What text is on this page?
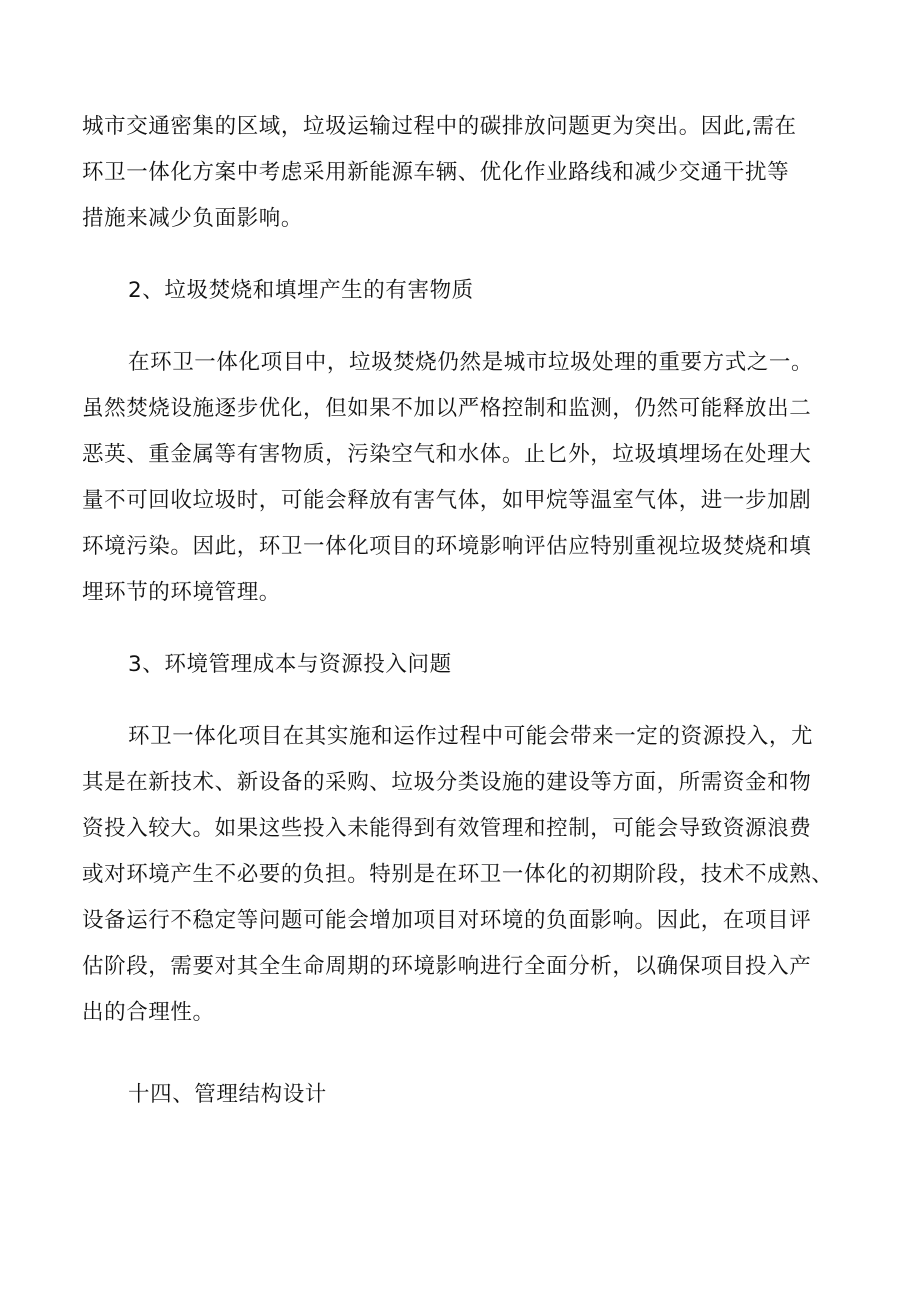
城市交通密集的区域，垃圾运输过程中的碳排放问题更为突出。因此,需在
环卫一体化方案中考虑采用新能源车辆、优化作业路线和减少交通干扰等
措施来减少负面影响。

2、垃圾焚烧和填埋产生的有害物质

在环卫一体化项目中，垃圾焚烧仍然是城市垃圾处理的重要方式之一。
虽然焚烧设施逐步优化，但如果不加以严格控制和监测，仍然可能释放出二
恶英、重金属等有害物质，污染空气和水体。止匕外，垃圾填埋场在处理大
量不可回收垃圾时，可能会释放有害气体，如甲烷等温室气体，进一步加剧
环境污染。因此，环卫一体化项目的环境影响评估应特别重视垃圾焚烧和填
埋环节的环境管理。

3、环境管理成本与资源投入问题

环卫一体化项目在其实施和运作过程中可能会带来一定的资源投入，尤
其是在新技术、新设备的采购、垃圾分类设施的建设等方面，所需资金和物
资投入较大。如果这些投入未能得到有效管理和控制，可能会导致资源浪费
或对环境产生不必要的负担。特别是在环卫一体化的初期阶段，技术不成熟、
设备运行不稳定等问题可能会增加项目对环境的负面影响。因此，在项目评
估阶段，需要对其全生命周期的环境影响进行全面分析，以确保项目投入产
出的合理性。

十四、管理结构设计
